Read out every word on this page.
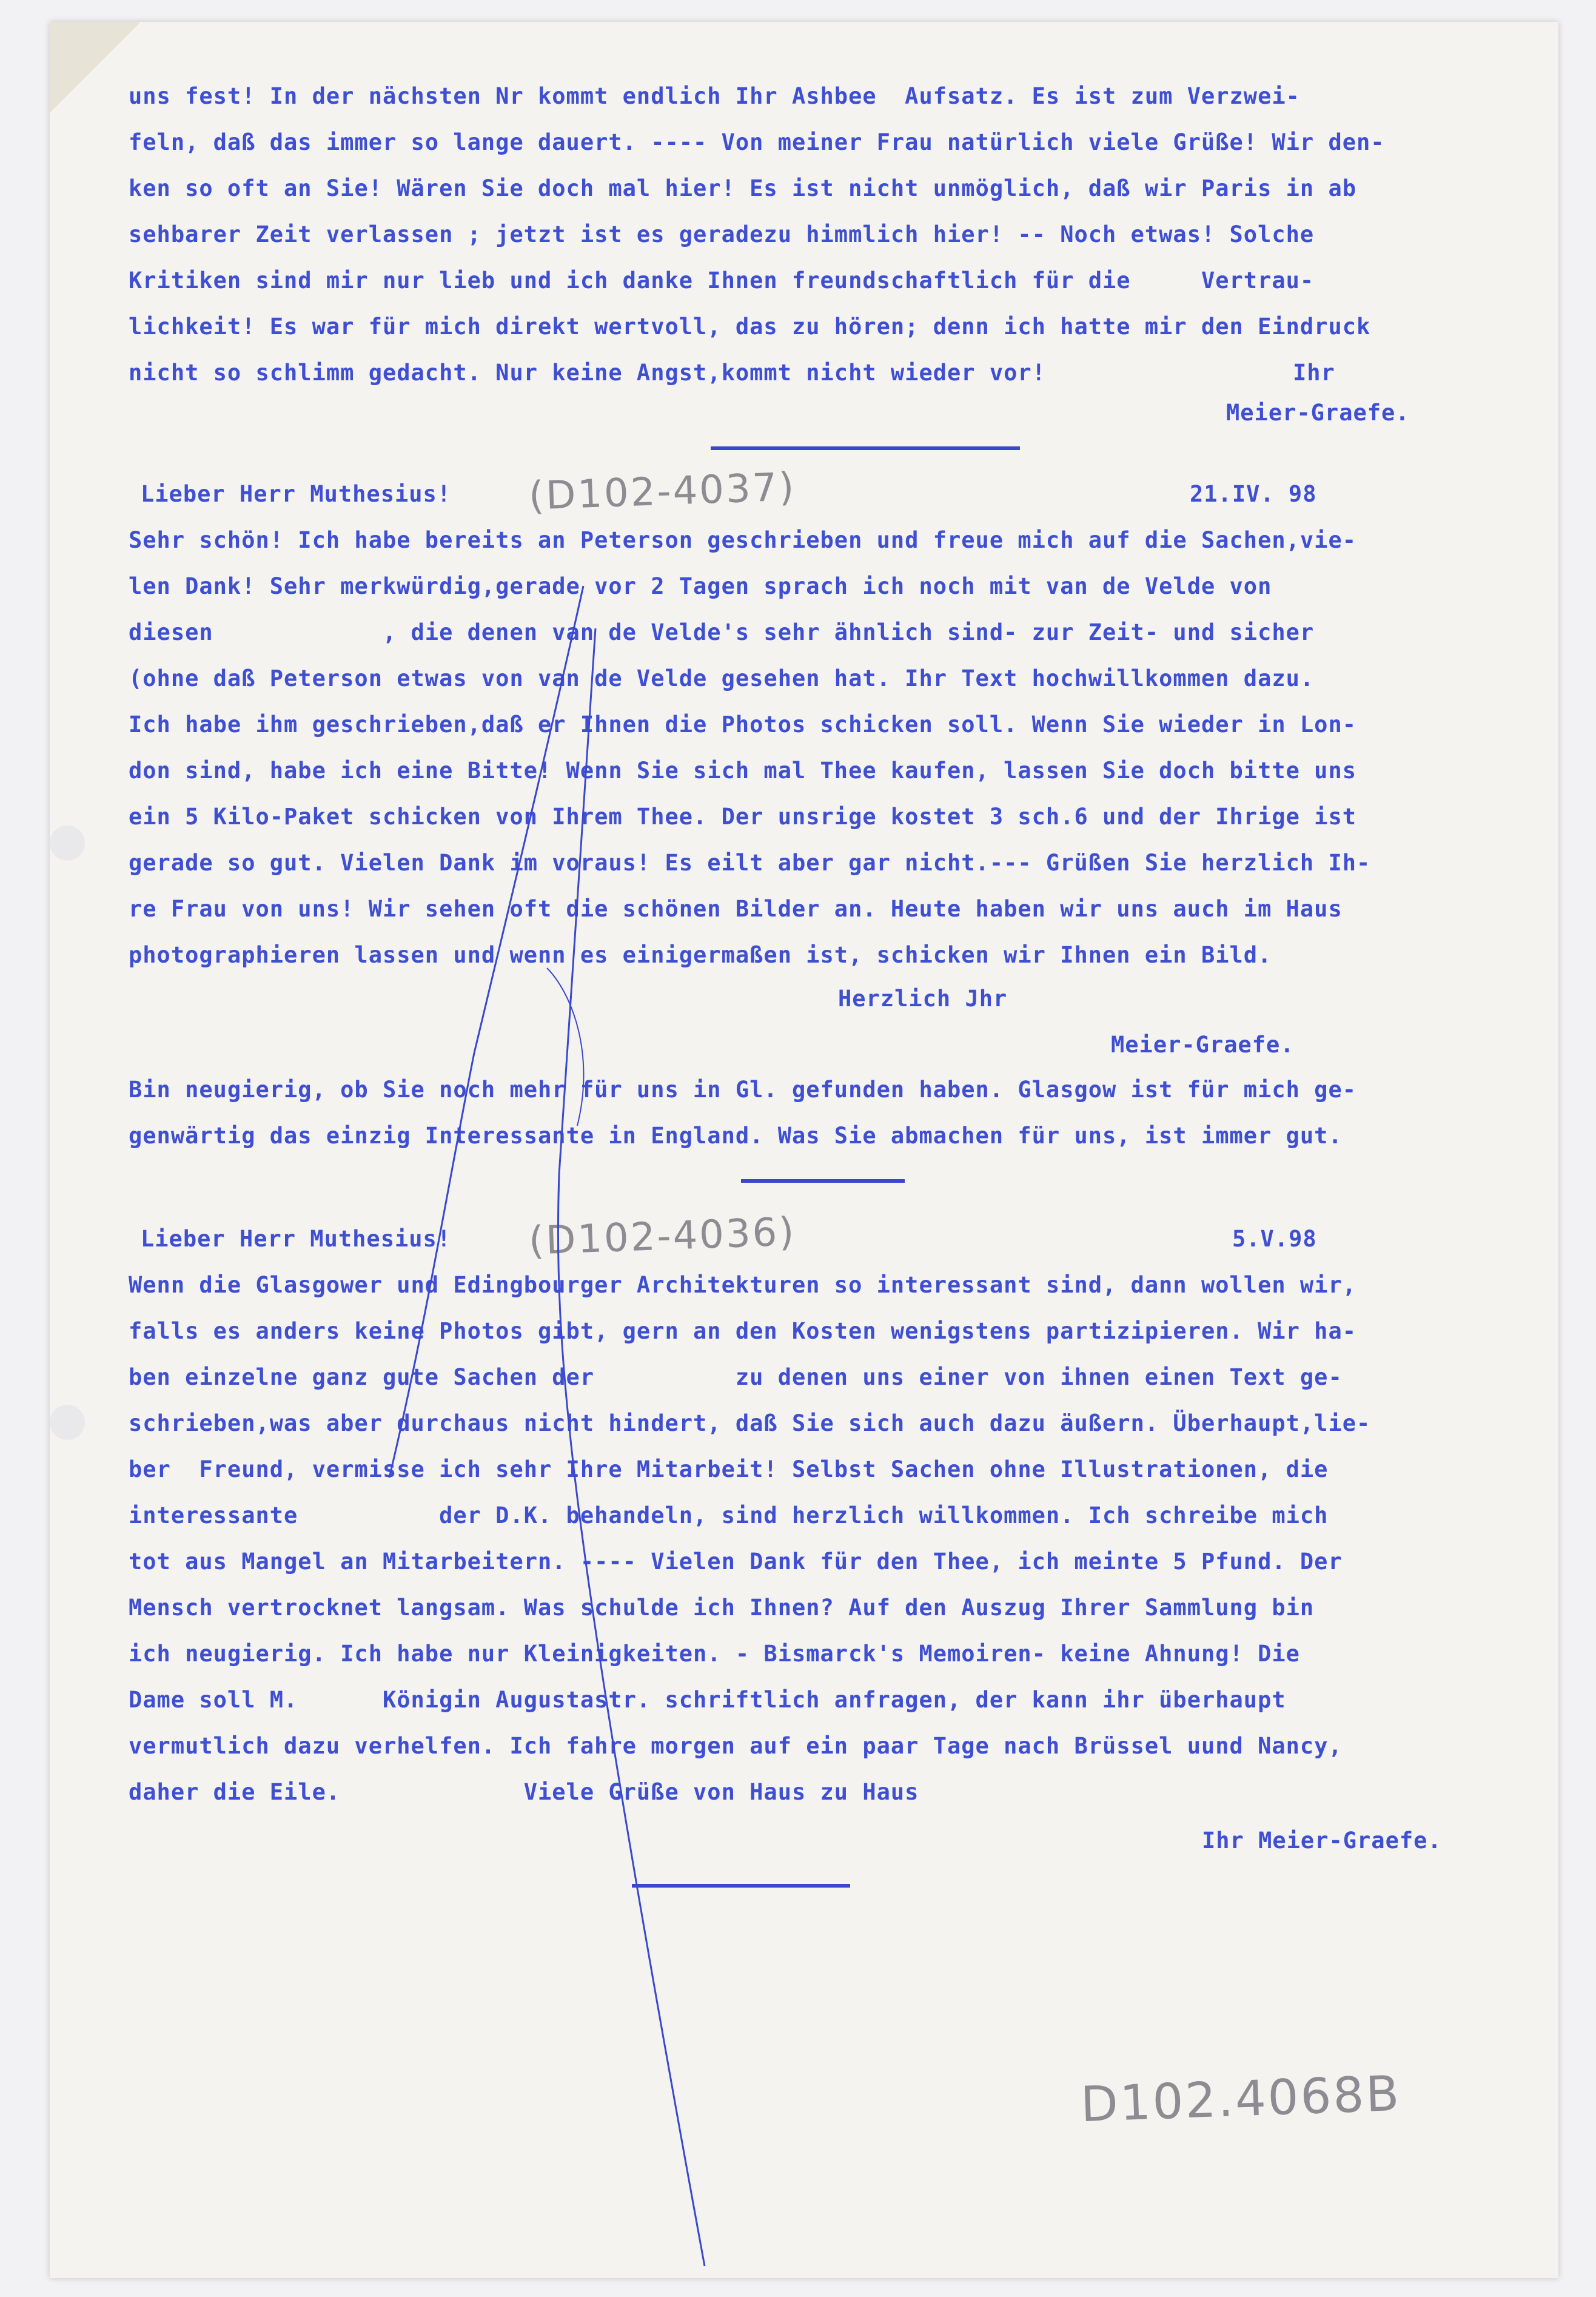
uns fest! In der nächsten Nr kommt endlich Ihr Ashbee  Aufsatz. Es ist zum Verzwei-
feln, daß das immer so lange dauert. ---- Von meiner Frau natürlich viele Grüße! Wir den-
ken so oft an Sie! Wären Sie doch mal hier! Es ist nicht unmöglich, daß wir Paris in ab
sehbarer Zeit verlassen ; jetzt ist es geradezu himmlich hier! -- Noch etwas! Solche
Kritiken sind mir nur lieb und ich danke Ihnen freundschaftlich für die     Vertrau-
lichkeit! Es war für mich direkt wertvoll, das zu hören; denn ich hatte mir den Eindruck
nicht so schlimm gedacht. Nur keine Angst,kommt nicht wieder vor!	Ihr
Meier-Graefe.
Lieber Herr Muthesius!	(D102-4037)	21.IV. 98
Sehr schön! Ich habe bereits an Peterson geschrieben und freue mich auf die Sachen,vie-
len Dank! Sehr merkwürdig,gerade vor 2 Tagen sprach ich noch mit van de Velde von
diesen            , die denen van de Velde's sehr ähnlich sind- zur Zeit- und sicher
(ohne daß Peterson etwas von van de Velde gesehen hat. Ihr Text hochwillkommen dazu.
Ich habe ihm geschrieben,daß er Ihnen die Photos schicken soll. Wenn Sie wieder in Lon-
don sind, habe ich eine Bitte! Wenn Sie sich mal Thee kaufen, lassen Sie doch bitte uns
ein 5 Kilo-Paket schicken von Ihrem Thee. Der unsrige kostet 3 sch.6 und der Ihrige ist
gerade so gut. Vielen Dank im voraus! Es eilt aber gar nicht.--- Grüßen Sie herzlich Ih-
re Frau von uns! Wir sehen oft die schönen Bilder an. Heute haben wir uns auch im Haus
photographieren lassen und wenn es einigermaßen ist, schicken wir Ihnen ein Bild.
Herzlich Jhr
Meier-Graefe.
Bin neugierig, ob Sie noch mehr für uns in Gl. gefunden haben. Glasgow ist für mich ge-
genwärtig das einzig Interessante in England. Was Sie abmachen für uns, ist immer gut.
Lieber Herr Muthesius!	(D102-4036)	5.V.98
Wenn die Glasgower und Edingbourger Architekturen so interessant sind, dann wollen wir,
falls es anders keine Photos gibt, gern an den Kosten wenigstens partizipieren. Wir ha-
ben einzelne ganz gute Sachen der          zu denen uns einer von ihnen einen Text ge-
schrieben,was aber durchaus nicht hindert, daß Sie sich auch dazu äußern. Überhaupt,lie-
ber  Freund, vermisse ich sehr Ihre Mitarbeit! Selbst Sachen ohne Illustrationen, die
interessante          der D.K. behandeln, sind herzlich willkommen. Ich schreibe mich
tot aus Mangel an Mitarbeitern. ---- Vielen Dank für den Thee, ich meinte 5 Pfund. Der
Mensch vertrocknet langsam. Was schulde ich Ihnen? Auf den Auszug Ihrer Sammlung bin
ich neugierig. Ich habe nur Kleinigkeiten. - Bismarck's Memoiren- keine Ahnung! Die
Dame soll M.      Königin Augustastr. schriftlich anfragen, der kann ihr überhaupt
vermutlich dazu verhelfen. Ich fahre morgen auf ein paar Tage nach Brüssel uund Nancy,
daher die Eile.             Viele Grüße von Haus zu Haus
Ihr Meier-Graefe.
D102.4068B
